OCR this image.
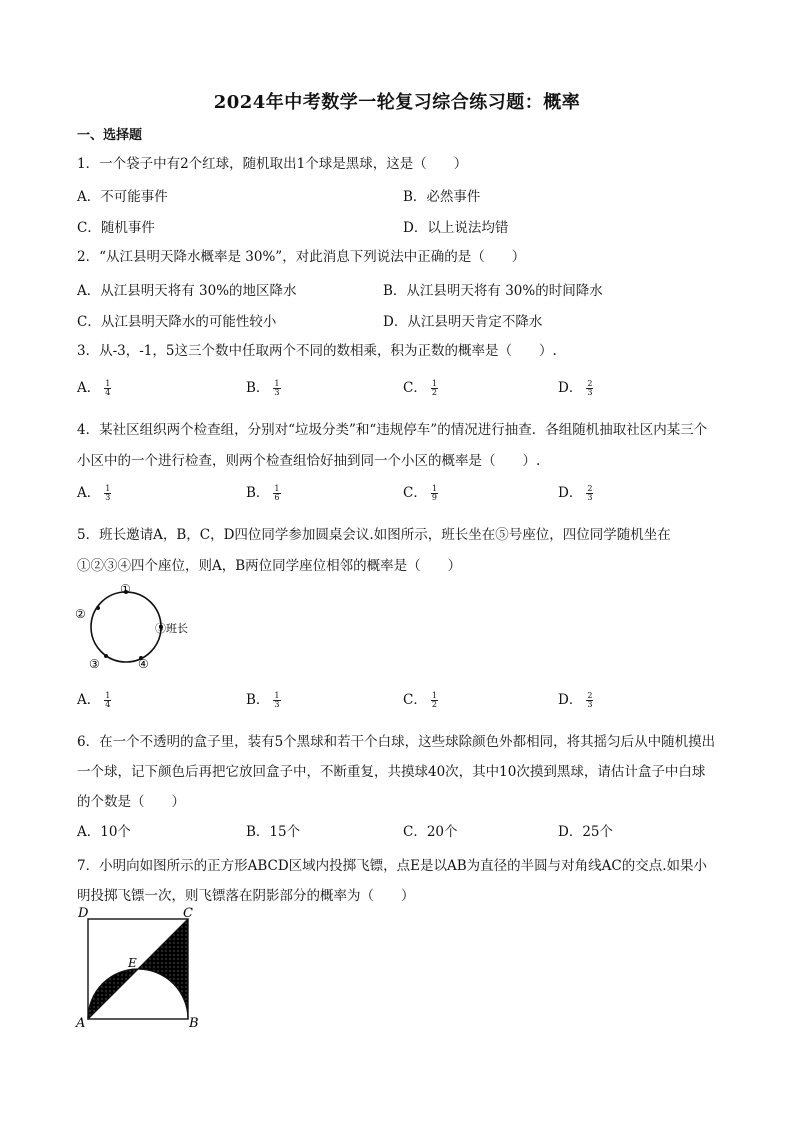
2024年中考数学一轮复习综合练习题：概率
一、选择题
1．一个袋子中有2个红球，随机取出1个球是黑球，这是（　　）
A．不可能事件	B．必然事件
C．随机事件	D．以上说法均错
2．“从江县明天降水概率是 30%”，对此消息下列说法中正确的是（　　）
A．从江县明天将有 30%的地区降水	B．从江县明天将有 30%的时间降水
C．从江县明天降水的可能性较小	D．从江县明天肯定不降水
3．从-3，-1，5这三个数中任取两个不同的数相乘，积为正数的概率是（　　）.
A． $\frac{1}{4}$	B． $\frac{1}{3}$	C． $\frac{1}{2}$	D． $\frac{2}{3}$
4．某社区组织两个检查组，分别对“垃圾分类”和“违规停车”的情况进行抽查．各组随机抽取社区内某三个小区中的一个进行检查，则两个检查组恰好抽到同一个小区的概率是（　　）.
A． $\frac{1}{3}$	B． $\frac{1}{6}$	C． $\frac{1}{9}$	D． $\frac{2}{3}$
5．班长邀请A，B，C，D四位同学参加圆桌会议.如图所示，班长坐在⑤号座位，四位同学随机坐在①②③④四个座位，则A，B两位同学座位相邻的概率是（　　）
①
②
③	④
⑤班长
A． $\frac{1}{4}$	B． $\frac{1}{3}$	C． $\frac{1}{2}$	D． $\frac{2}{3}$
6．在一个不透明的盒子里，装有5个黑球和若干个白球，这些球除颜色外都相同，将其摇匀后从中随机摸出一个球，记下颜色后再把它放回盒子中，不断重复，共摸球40次，其中10次摸到黑球，请估计盒子中白球的个数是（　　）
A．10个	B．15个	C．20个	D．25个
7．小明向如图所示的正方形ABCD区域内投掷飞镖，点E是以AB为直径的半圆与对角线AC的交点.如果小明投掷飞镖一次，则飞镖落在阴影部分的概率为（　　）
A	B
C
D
E
